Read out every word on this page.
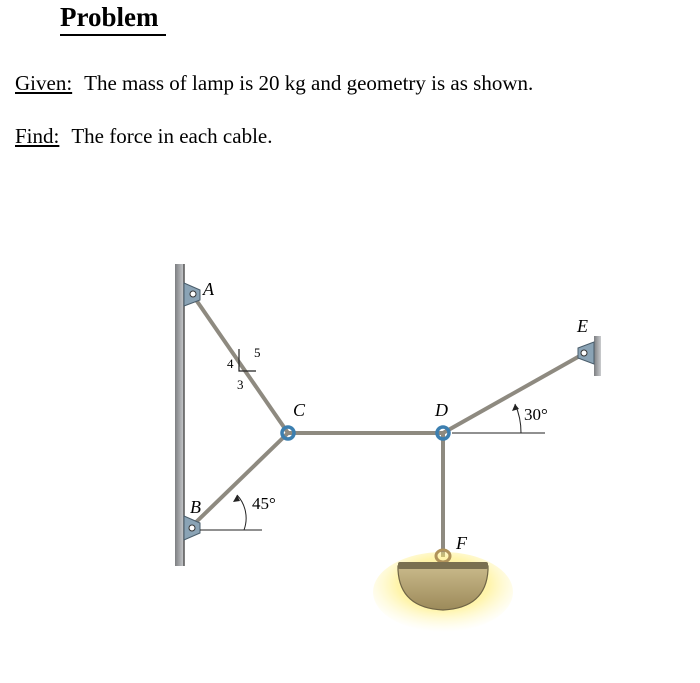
Problem
Given: The mass of lamp is 20 kg and geometry is as shown.
Find: The force in each cable.
4
3
5
45°
30°
A
B
C	D
E
F
